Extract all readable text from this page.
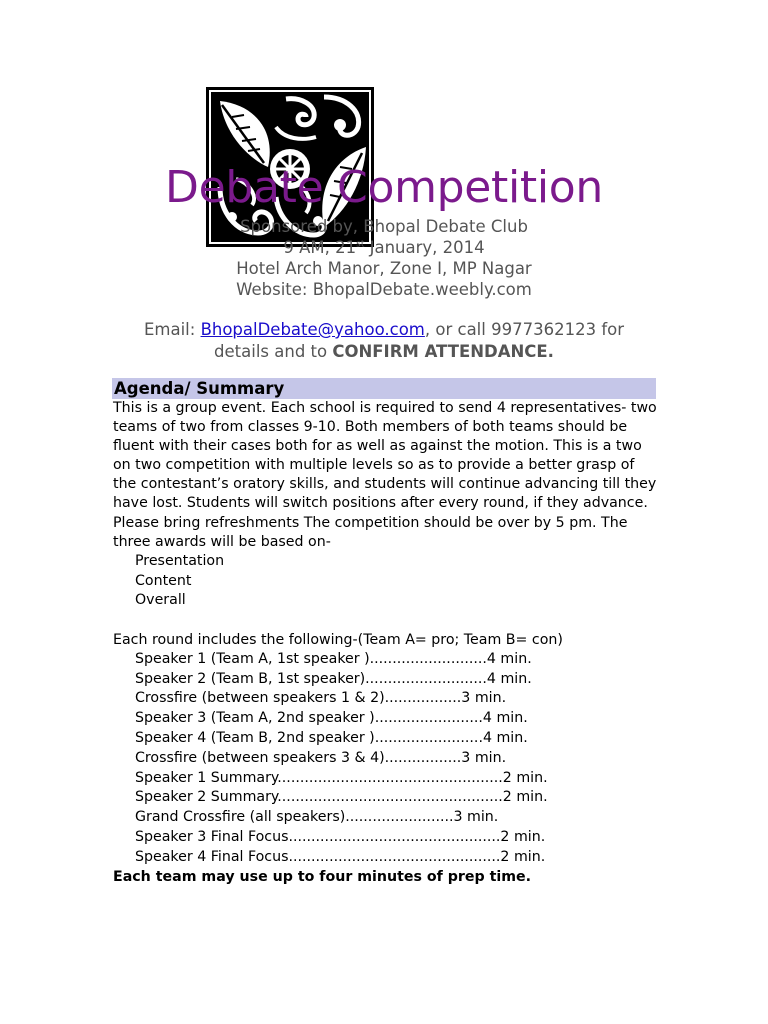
Debate Competition
Sponsored by, Bhopal Debate Club
9 AM, 21st January, 2014
Hotel Arch Manor, Zone I, MP Nagar
Website: BhopalDebate.weebly.com
Email: BhopalDebate@yahoo.com, or call 9977362123 for
details and to CONFIRM ATTENDANCE.
Agenda/ Summary

This is a group event. Each school is required to send 4 representatives- two teams of two from classes 9-10. Both members of both teams should be fluent with their cases both for as well as against the motion. This is a two on two competition with multiple levels so as to provide a better grasp of the contestant’s oratory skills, and students will continue advancing till they have lost. Students will switch positions after every round, if they advance. Please bring refreshments The competition should be over by 5 pm. The three awards will be based on-

Presentation
Content
Overall

Each round includes the following-(Team A= pro; Team B= con)

Speaker 1 (Team A, 1st speaker )..........................4 min.
Speaker 2 (Team B, 1st speaker)...........................4 min.
Crossfire (between speakers 1 & 2).................3 min.
Speaker 3 (Team A, 2nd speaker )........................4 min.
Speaker 4 (Team B, 2nd speaker )........................4 min.
Crossfire (between speakers 3 & 4).................3 min.
Speaker 1 Summary..................................................2 min.
Speaker 2 Summary..................................................2 min.
Grand Crossfire (all speakers)........................3 min.
Speaker 3 Final Focus...............................................2 min.
Speaker 4 Final Focus...............................................2 min.

Each team may use up to four minutes of prep time.
